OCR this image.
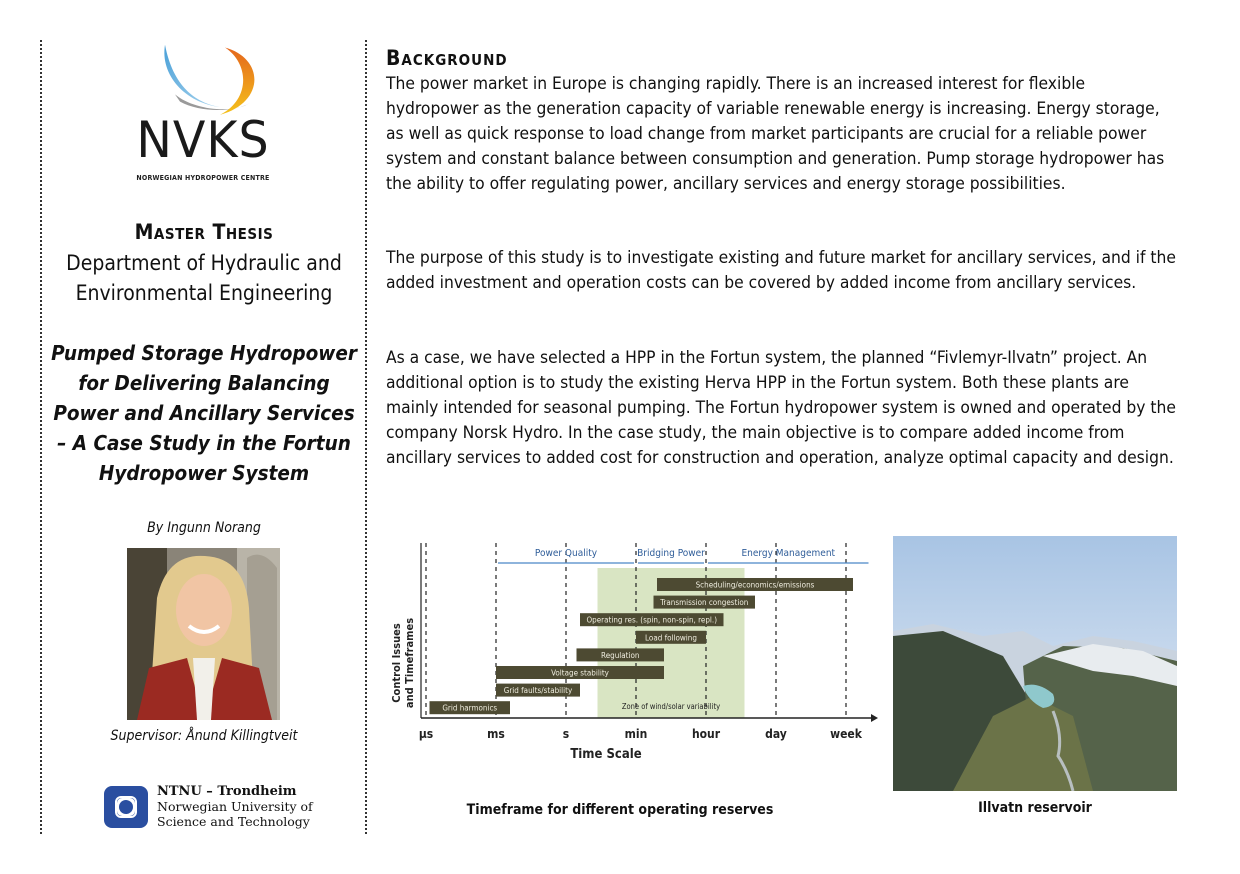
NVKS
NORWEGIAN HYDROPOWER CENTRE
Master Thesis
Department of Hydraulic and
Environmental Engineering
Pumped Storage Hydropower
for Delivering Balancing
Power and Ancillary Services
– A Case Study in the Fortun
Hydropower System
By Ingunn Norang
Supervisor: Ånund Killingtveit
NTNU – Trondheim
Norwegian University of
Science and Technology
Background
The power market in Europe is changing rapidly. There is an increased interest for flexible hydropower as the generation capacity of variable renewable energy is increasing. Energy storage, as well as quick response to load change from market participants are crucial for a reliable power system and constant balance between consumption and generation. Pump storage hydropower has the ability to offer regulating power, ancillary services and energy storage possibilities.
The purpose of this study is to investigate existing and future market for ancillary services, and if the added investment and operation costs can be covered by added income from ancillary services.
As a case, we have selected a HPP in the Fortun system, the planned “Fivlemyr-Ilvatn” project. An additional option is to study the existing Herva HPP in the Fortun system. Both these plants are mainly intended for seasonal pumping. The Fortun hydropower system is owned and operated by the company Norsk Hydro. In the case study, the main objective is to compare added income from ancillary services to added cost for construction and operation, analyze optimal capacity and design.
Power Quality	Bridging Power	Energy Management
Scheduling/economics/emissions
Transmission congestion
Operating res. (spin, non-spin, repl.)
Load following
Regulation
Voltage stability
Grid faults/stability
Grid harmonics	Zone of wind/solar variability
µs	ms	s	min	hour	day	week
Time Scale
Control Issues and Timeframes
Timeframe for different operating reserves	Illvatn reservoir
